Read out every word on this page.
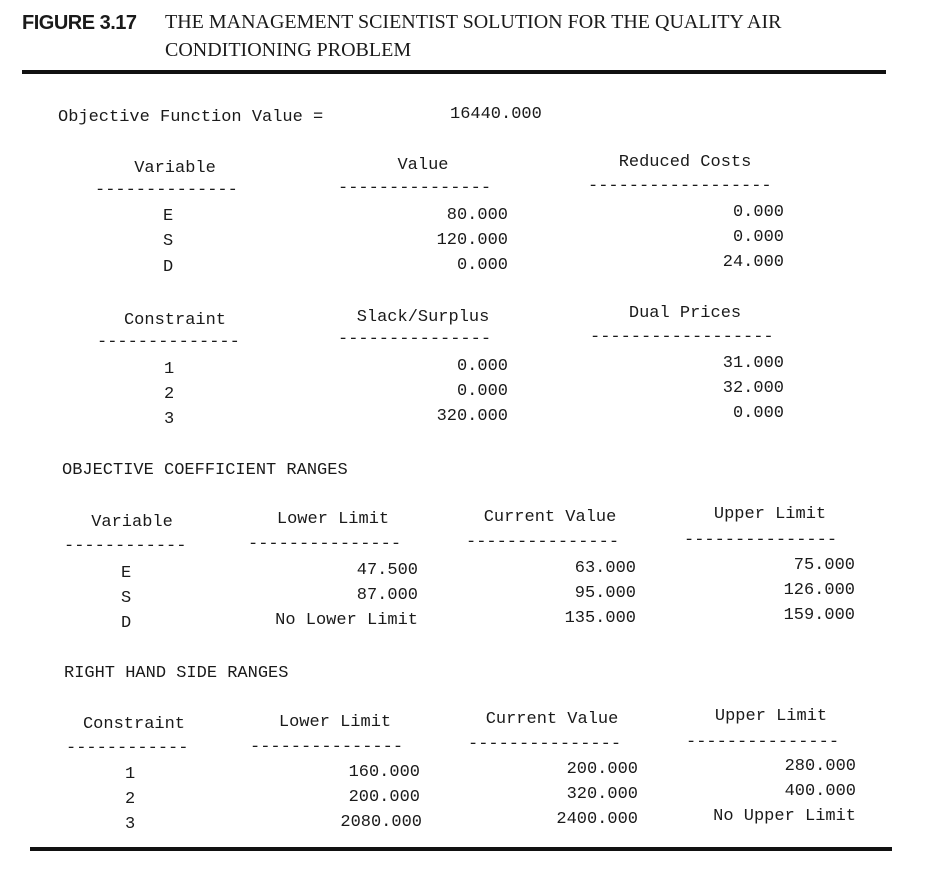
FIGURE 3.17 THE MANAGEMENT SCIENTIST SOLUTION FOR THE QUALITY AIR
CONDITIONING PROBLEM
Objective Function Value =	16440.000
Variable	Value	Reduced Costs
--------------	---------------	------------------
E	80.000	0.000
S	120.000	0.000
D	0.000	24.000
Constraint	Slack/Surplus	Dual Prices
--------------	---------------	------------------
1	0.000	31.000
2	0.000	32.000
3	320.000	0.000
OBJECTIVE COEFFICIENT RANGES
Variable	Lower Limit	Current Value	Upper Limit
------------	---------------	---------------	---------------
E	47.500	63.000	75.000
S	87.000	95.000	126.000
D	No Lower Limit	135.000	159.000
RIGHT HAND SIDE RANGES
Constraint	Lower Limit	Current Value	Upper Limit
------------	---------------	---------------	---------------
1	160.000	200.000	280.000
2	200.000	320.000	400.000
3	2080.000	2400.000	No Upper Limit
